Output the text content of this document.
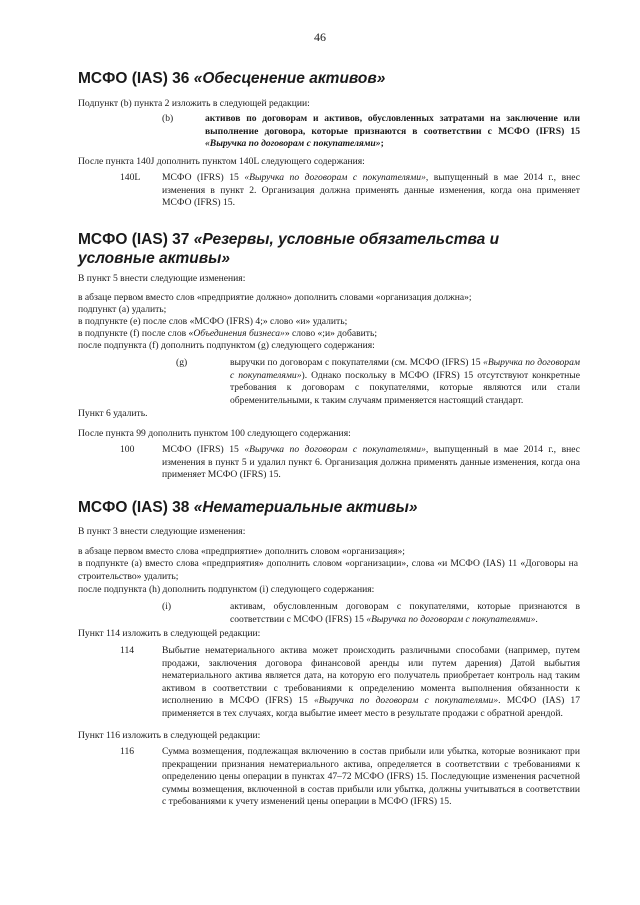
46
МСФО (IAS) 36 «Обесценение активов»

Подпункт (b) пункта 2 изложить в следующей редакции:

(b)	активов по договорам и активов, обусловленных затратами на заключение или выполнение договора, которые признаются в соответствии с МСФО (IFRS) 15 «Выручка по договорам с покупателями»;

После пункта 140J дополнить пунктом 140L следующего содержания:

140L МСФО (IFRS) 15 «Выручка по договорам с покупателями», выпущенный в мае 2014 г., внес изменения в пункт 2. Организация должна применять данные изменения, когда она применяет МСФО (IFRS) 15.

МСФО (IAS) 37 «Резервы, условные обязательства и условные активы»

В пункт 5 внести следующие изменения:

в абзаце первом вместо слов «предприятие должно» дополнить словами «организация должна»;

подпункт (а) удалить;

в подпункте (е) после слов «МСФО (IFRS) 4;» слово «и» удалить;

в подпункте (f) после слов «Объединения бизнеса»» слово «;и» добавить;

после подпункта (f) дополнить подпунктом (g) следующего содержания:

(g)	выручки по договорам с покупателями (см. МСФО (IFRS) 15 «Выручка по договорам с покупателями»). Однако поскольку в МСФО (IFRS) 15 отсутствуют конкретные требования к договорам с покупателями, которые являются или стали обременительными, к таким случаям применяется настоящий стандарт.

Пункт 6 удалить.

После пункта 99 дополнить пунктом 100 следующего содержания:

100	МСФО (IFRS) 15 «Выручка по договорам с покупателями», выпущенный в мае 2014 г., внес изменения в пункт 5 и удалил пункт 6. Организация должна применять данные изменения, когда она применяет МСФО (IFRS) 15.

МСФО (IAS) 38 «Нематериальные активы»

В пункт 3 внести следующие изменения:

в абзаце первом вместо слова «предприятие» дополнить словом «организация»;

в подпункте (а) вместо слова «предприятия» дополнить словом «организации», слова «и МСФО (IAS) 11 «Договоры на строительство» удалить;

после подпункта (h) дополнить подпунктом (i) следующего содержания:

(i)	активам, обусловленным договорам с покупателями, которые признаются в соответствии с МСФО (IFRS) 15 «Выручка по договорам с покупателями».

Пункт 114 изложить в следующей редакции:

114	Выбытие нематериального актива может происходить различными способами (например, путем продажи, заключения договора финансовой аренды или путем дарения) Датой выбытия нематериального актива является дата, на которую его получатель приобретает контроль над таким активом в соответствии с требованиями к определению момента выполнения обязанности к исполнению в МСФО (IFRS) 15 «Выручка по договорам с покупателями». МСФО (IAS) 17 применяется в тех случаях, когда выбытие имеет место в результате продажи с обратной арендой.

Пункт 116 изложить в следующей редакции:

116	Сумма возмещения, подлежащая включению в состав прибыли или убытка, которые возникают при прекращении признания нематериального актива, определяется в соответствии с требованиями к определению цены операции в пунктах 47–72 МСФО (IFRS) 15. Последующие изменения расчетной суммы возмещения, включенной в состав прибыли или убытка, должны учитываться в соответствии с требованиями к учету изменений цены операции в МСФО (IFRS) 15.
